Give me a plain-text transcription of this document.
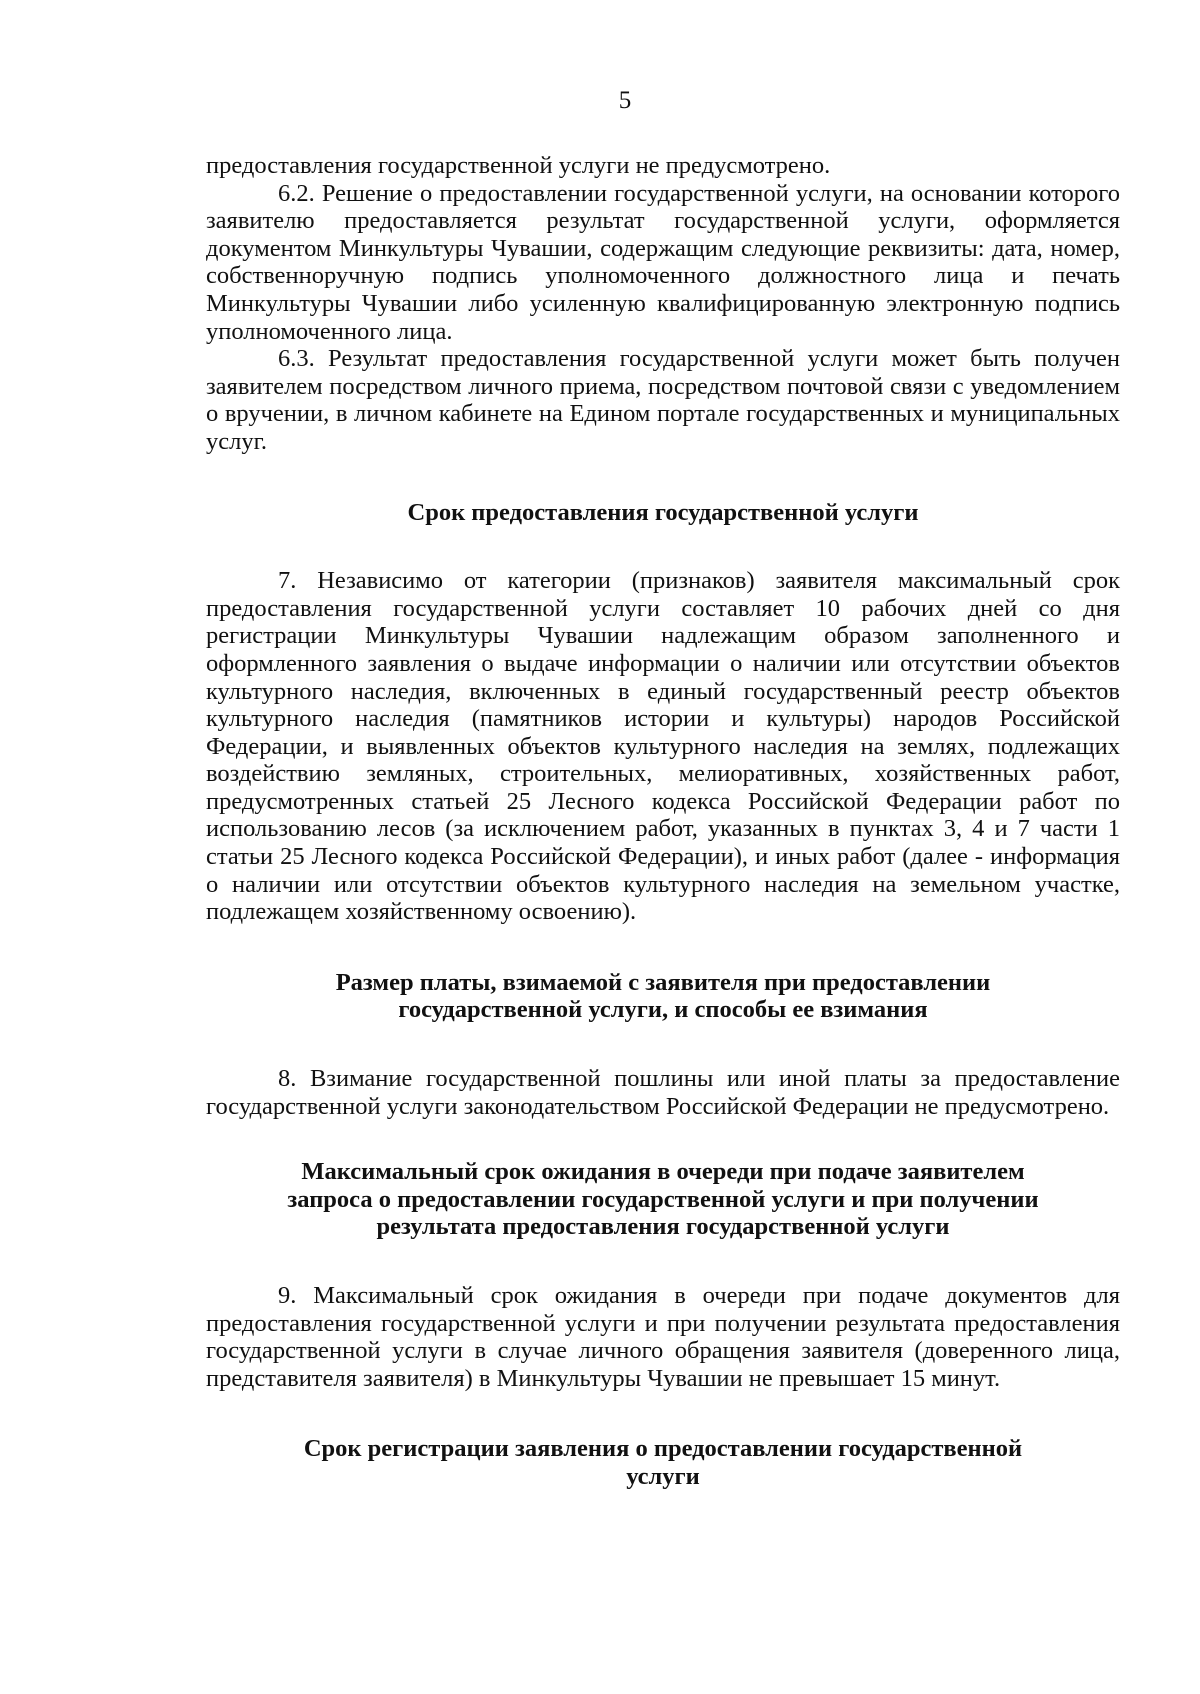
5

предоставления государственной услуги не предусмотрено.

6.2. Решение о предоставлении государственной услуги, на основании которого заявителю предоставляется результат государственной услуги, оформляется документом Минкультуры Чувашии, содержащим следующие реквизиты: дата, номер, собственноручную подпись уполномоченного должностного лица и печать Минкультуры Чувашии либо усиленную квалифицированную электронную подпись уполномоченного лица.

6.3. Результат предоставления государственной услуги может быть получен заявителем посредством личного приема, посредством почтовой связи с уведомлением о вручении, в личном кабинете на Едином портале государственных и муниципальных услуг.

Срок предоставления государственной услуги

7. Независимо от категории (признаков) заявителя максимальный срок предоставления государственной услуги составляет 10 рабочих дней со дня регистрации Минкультуры Чувашии надлежащим образом заполненного и оформленного заявления о выдаче информации о наличии или отсутствии объектов культурного наследия, включенных в единый государственный реестр объектов культурного наследия (памятников истории и культуры) народов Российской Федерации, и выявленных объектов культурного наследия на землях, подлежащих воздействию земляных, строительных, мелиоративных, хозяйственных работ, предусмотренных статьей 25 Лесного кодекса Российской Федерации работ по использованию лесов (за исключением работ, указанных в пунктах 3, 4 и 7 части 1 статьи 25 Лесного кодекса Российской Федерации), и иных работ (далее - информация о наличии или отсутствии объектов культурного наследия на земельном участке, подлежащем хозяйственному освоению).

Размер платы, взимаемой с заявителя при предоставлении
государственной услуги, и способы ее взимания

8. Взимание государственной пошлины или иной платы за предоставление государственной услуги законодательством Российской Федерации не предусмотрено.

Максимальный срок ожидания в очереди при подаче заявителем
запроса о предоставлении государственной услуги и при получении
результата предоставления государственной услуги

9. Максимальный срок ожидания в очереди при подаче документов для предоставления государственной услуги и при получении результата предоставления государственной услуги в случае личного обращения заявителя (доверенного лица, представителя заявителя) в Минкультуры Чувашии не превышает 15 минут.

Срок регистрации заявления о предоставлении государственной
услуги
